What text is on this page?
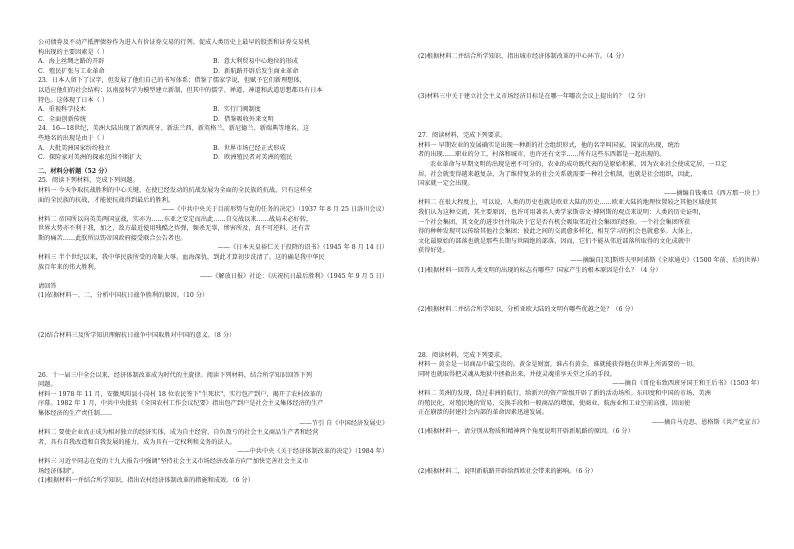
公司债券及不动产抵押债券作为进入有价证券交易的行列。促成人类历史上最早的股票和证券交易机
构出现的主要因素是（ ）
A．海上丝绸之路的开辟	B．意大利贸易中心地位的形成
C．殖民扩张与工业革命	D．新航路开辟后发生商业革命
23．日本人留下了汉字，但发展了他们自己的书写体系；借鉴了儒家学说，但赋予它们新理想体，
以适应他们的社会结构；以南蛮科学为模型建立新制，但其中的儒学、禅道、神道和武道思想都具有日本
特色。这体现了日本（ ）
A．重视科学技术	B．实行门阀制度
C．全面创新传统	D．借鉴吸收外来文明
24．16—18世纪，美洲大陆出现了新西班牙、新法兰西、新英格兰、新尼德兰、新瑞典等地名，这
些地名的出现是由于（ ）
A．大批美洲国家纷纷独立	B．世界市场已经正式形成
C．探险家对美洲的探索范围不断扩大	D．欧洲殖民者对美洲的殖民
二、材料分析题（52 分）
25．阅读下列材料，完成下列问题。
材料一 今天争取抗战胜利的中心关键，在使已经发动的抗战发展为全面的全民族的抗战。只有这样全
面的全民族的抗战，才能使抗战得到最后的胜利。
——《中共中央关于目前形势与党的任务的决定》（1937 年 8 月 25 日洛川会议）
材料二 帝国所以向英美两国宣战，实亦为……东亚之安定而出此……自交战以来……战局未必好转，
世界大势亦不利于我，加之，敌方最近使用残酷之炸弹，频杀无辜，惨害所及，真不可逆料。还有苦
斯的痛苦……此朕所以饬帝国政府接受联合公告者也。
——《日本天皇裕仁关于投降的诏书》（1945 年 8 月 14 日）
材料三 半个世纪以来，我中华民族所受的奇耻大辱，血海深仇，到此才算初步洗清了。这的确是我中华民
族百年来的伟大胜利。
——《解放日报》社论：《庆祝抗日最后胜利》（1945 年 9 月 5 日）
请回答
(1)依据材料一、二，分析中国抗日战争胜利的原因。（10 分）
(2)结合材料三及所学知识理解抗日战争中国取胜对中国的意义。（8 分）
26．十一届三中全会以来，经济体制改革成为时代的主旋律。阅读下列材料，结合所学知识回答下列
问题。
材料一 1978 年 11 月，安徽凤阳县小岗村 18 位农民签下"生死状"，实行包产到户，揭开了农村改革的
序幕。1982 年 1 月，中共中央批转《全国农村工作会议纪要》指出包产到户是社会主义集体经济的生产
集体经济的生产责任制……
——节引 自《中国经济发展史》
材料二 要使企业真正成为相对独立的经济实体，成为自主经营、自负盈亏的社会主义商品生产者和经营
者，具有自我改造和自我发展的能力，成为具有一定权利和义务的法人。
——中共中央《关于经济体制改革的决定》（1984 年）
材料三 习近平同志在党的十九大报告中强调"坚持社会主义市场经济改革方向""加快完善社会主义市
场经济体制"。
(1)根据材料一并结合所学知识，指出农村经济体制改革的措施和成效。（6 分）
(2)根据材料二并结合所学知识，指出城市经济体制改革的中心环节。（4 分）
(3)材料三中关于建立社会主义市场经济目标是在哪一年哪次会议上提出的？（2 分）
27．阅读材料，完成下列要求。
材料一 早期农业的发展确实是出现一种新的社会组织形式，他的名字叫国家。国家的出现，统治
者的出现……职业的分工，村落和城市，也许还有文字……所有这些东西都是一起出现的。
农业革命与早期文明的出现是密不可分的，农业的成功既代表的是原始积累，因为农业社会使成定居，一旦定
居，社会就变得越来越复杂，为了维持复杂的社会关系就需要一种社会机制，也就是社会组织，因此，
国家就一定会出现。
——摘编自钱乘旦《西方那一块土》
材料二 在很大程度上，可以说，人类的历史也就是欧亚大陆的历史……欧亚大陆的地理位置较之其他区域使其
我们认为这种交流，其主要原因，也许可用著名人类学家斯蒂文·博阿斯的观点来说明：人类的历史证明，
一个社会集团，其文化的进步往往取决于它是否有机会吸取邻近社会集团的经验。一个社会集团所获
得的种种发现可以传给其他社会集团；彼此之间的交流愈多样化，相互学习的机会也就愈多。大体上，
文化最原始的部落也就是那些长期与世隔绝的部落，因而，它们不能从邻近部落所取得的文化成就中
获得好处。
——摘编自[美]斯塔夫里阿诺斯《全球通史》（1500 年前、后的世界）
(1)根据材料一回答人类文明的出现的标志有哪些？国家产生的根本原因是什么？（4 分）
(2)根据材料二并结合所学知识，分析亚欧大陆的文明有哪些优越之处？（6 分）
28．阅读材料，完成下列要求。
材料一 黄金是一切商品中最宝贵的。黄金是财富，谁占有黄金，谁就能获得他在世界上所需要的一切。
同时也就取得把灵魂从地狱中拯救出来，并使灵魂重享天堂之乐的手段。
——摘自《哥伦布致西班牙国王和王后书》（1503 年）
材料二 美洲的发现，绕过非洲的航行，给新兴的资产阶级开辟了新的活动场所。东印度和中国的市场，美洲
的殖民化，对殖民地的贸易、交换手段和一般商品的增加，使商业、航海业和工业空前高涨，因而使
正在崩溃的封建社会内部的革命因素迅速发展。
——摘自马克思、恩格斯《共产党宣言》
(1)根据材料一，请分别从物质和精神两个角度说明开辟新航路的原因。（6 分）
(2)根据材料二，说明新航路开辟给西欧社会带来的影响。（6 分）
